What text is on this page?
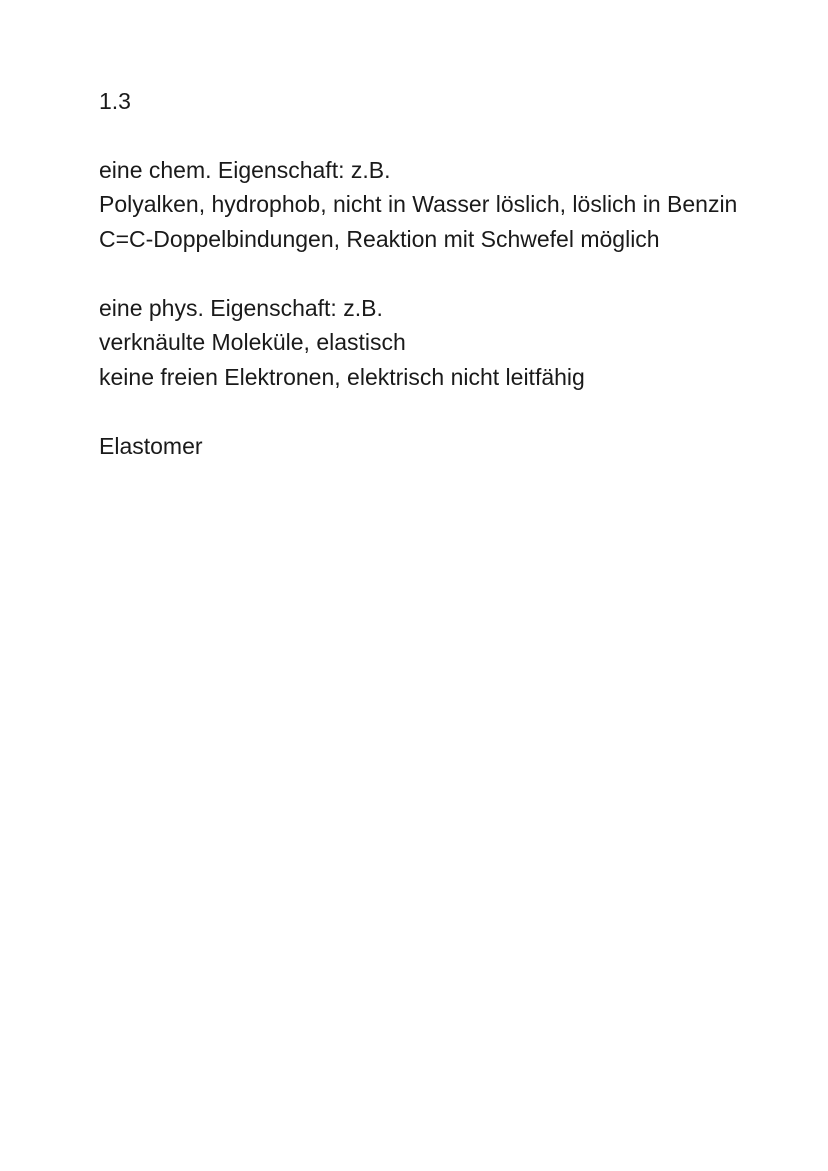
1.3
eine chem. Eigenschaft: z.B.
Polyalken, hydrophob, nicht in Wasser löslich, löslich in Benzin
C=C-Doppelbindungen, Reaktion mit Schwefel möglich
eine phys. Eigenschaft: z.B.
verknäulte Moleküle, elastisch
keine freien Elektronen, elektrisch nicht leitfähig
Elastomer
